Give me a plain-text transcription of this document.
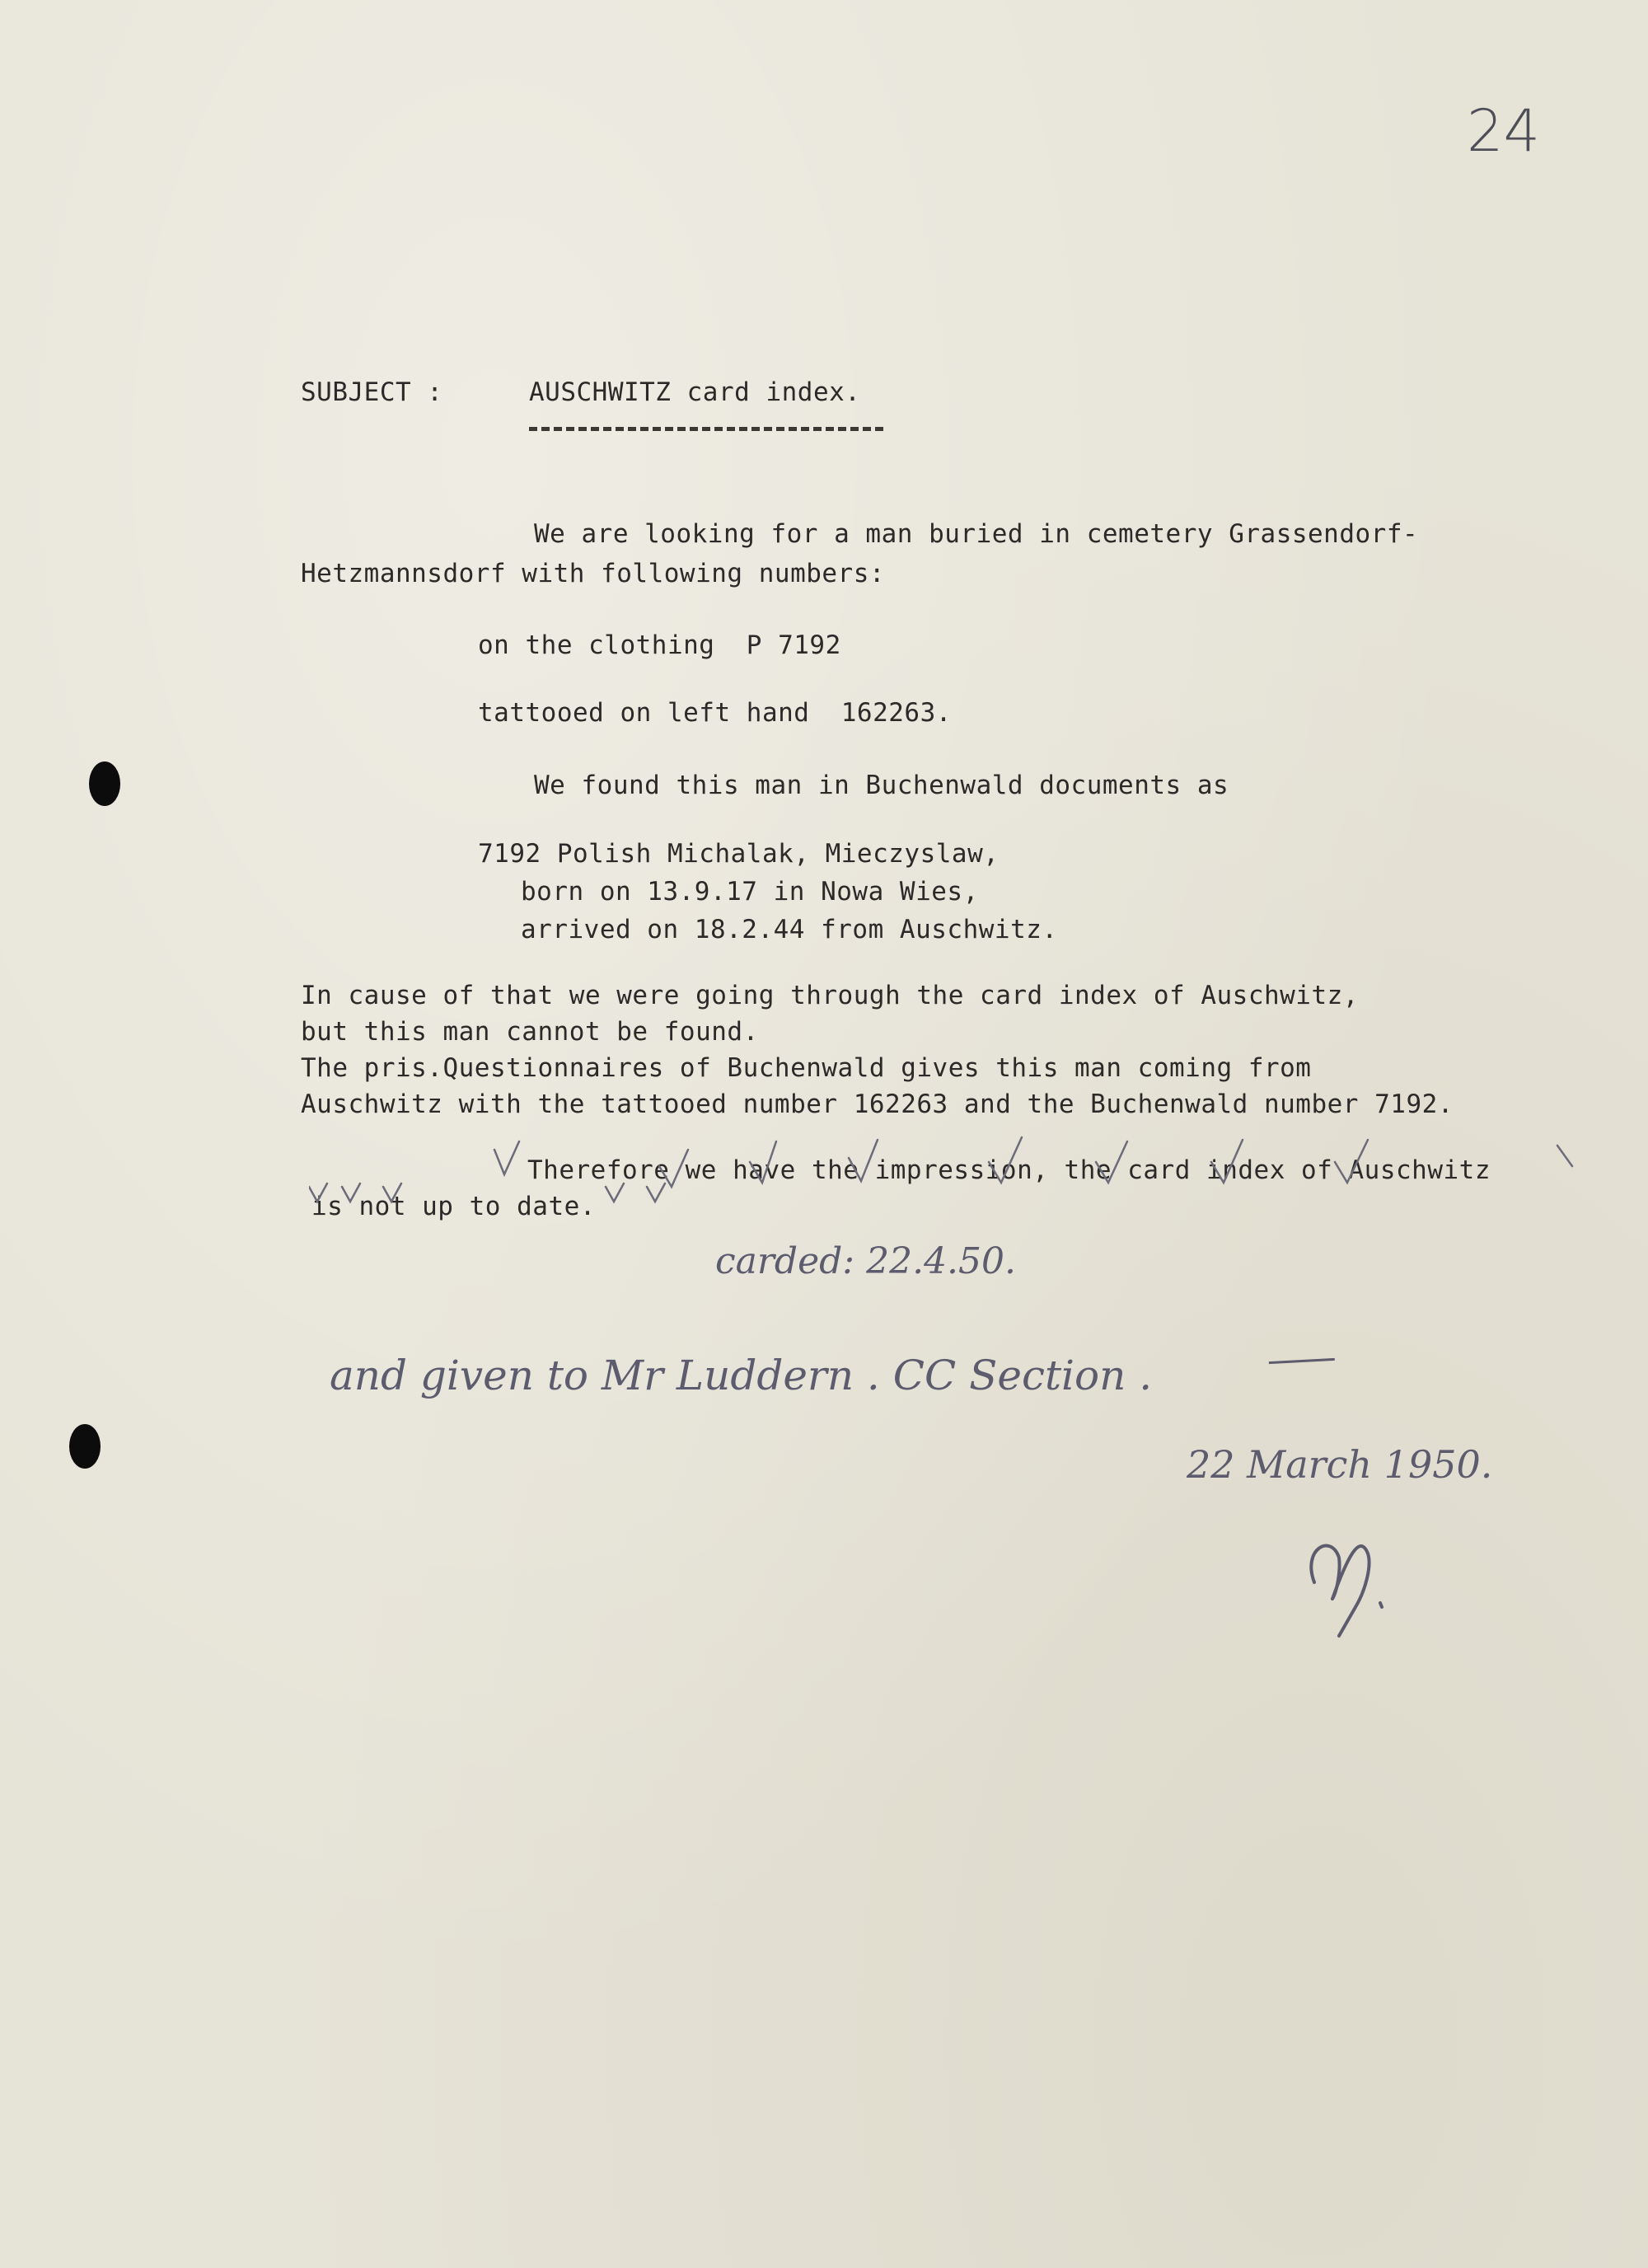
24
SUBJECT :	AUSCHWITZ card index.
We are looking for a man buried in cemetery Grassendorf-
Hetzmannsdorf with following numbers:
on the clothing  P 7192
tattooed on left hand  162263.
We found this man in Buchenwald documents as
7192 Polish Michalak, Mieczyslaw,
born on 13.9.17 in Nowa Wies,
arrived on 18.2.44 from Auschwitz.
In cause of that we were going through the card index of Auschwitz,
but this man cannot be found.
The pris.Questionnaires of Buchenwald gives this man coming from
Auschwitz with the tattooed number 162263 and the Buchenwald number 7192.
Therefore we have the impression, the card index of Auschwitz
is not up to date.
carded: 22.4.50.
and given to Mr Luddern . CC Section .
22 March 1950.
